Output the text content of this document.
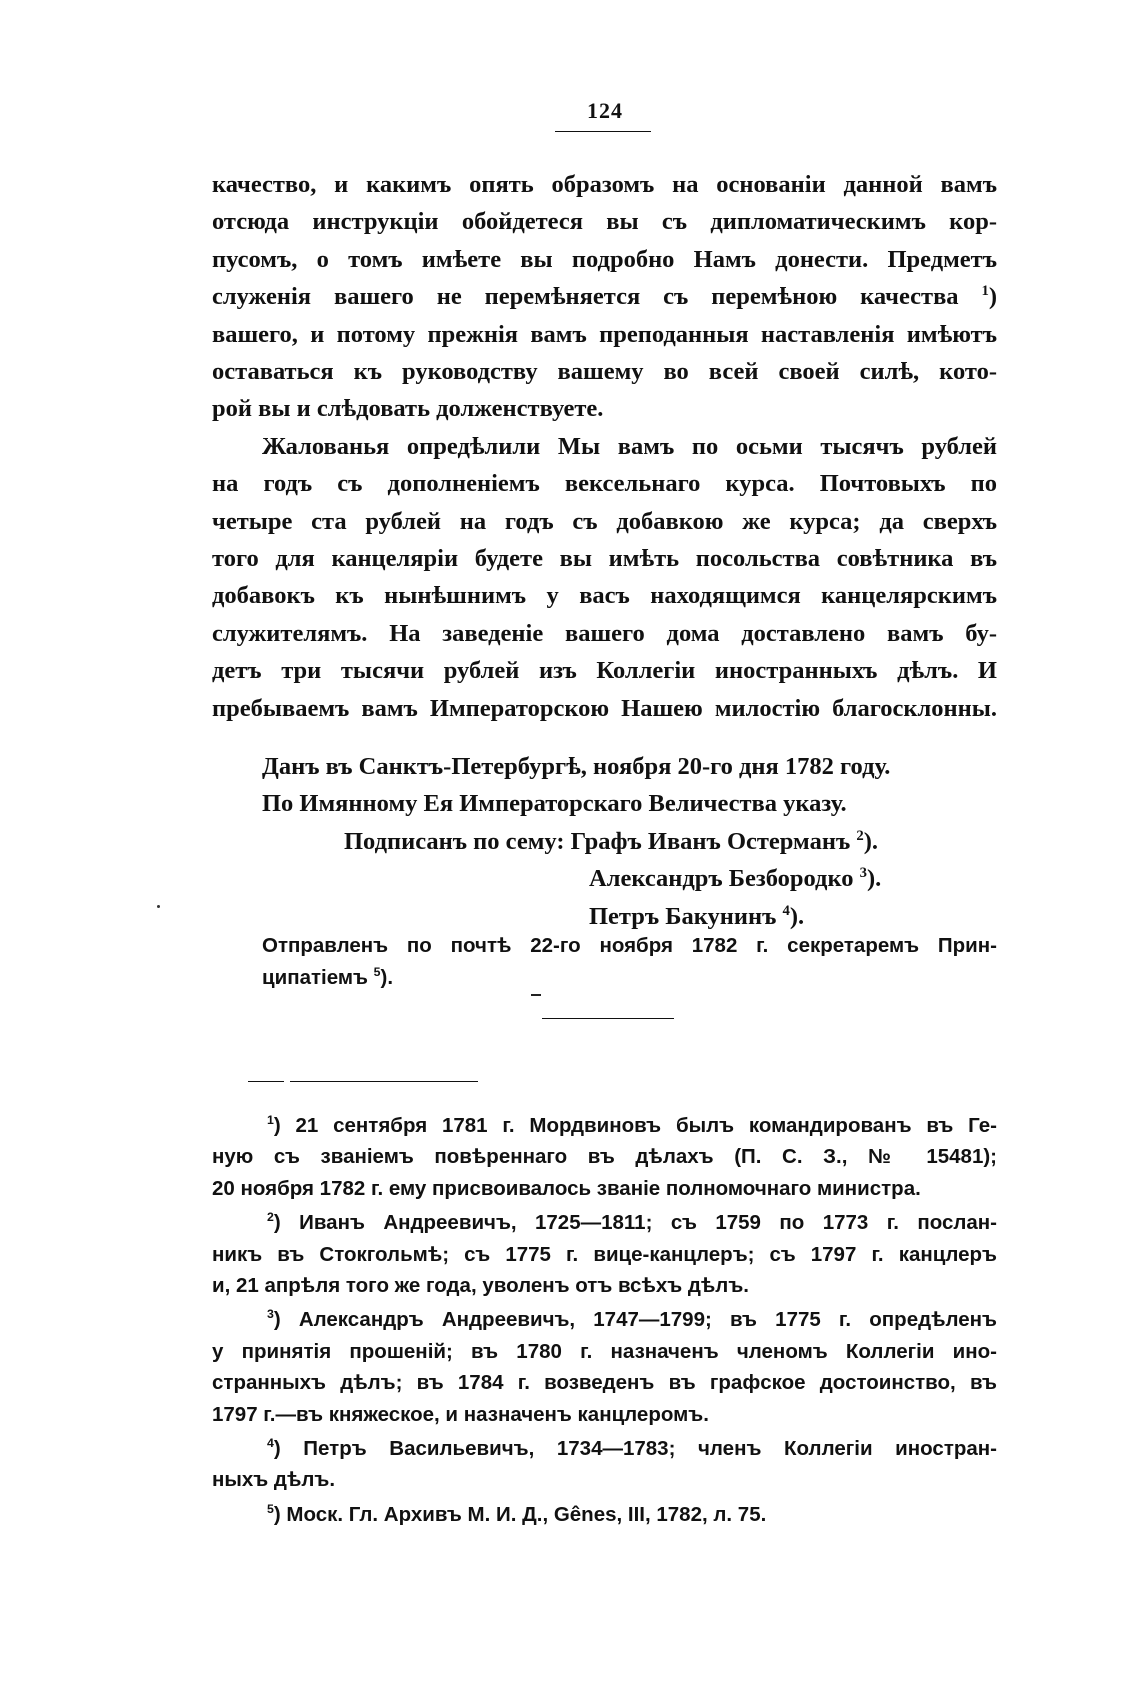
124
качество, и какимъ опять образомъ на основаніи данной вамъ
отсюда инструкціи обойдетеся вы съ дипломатическимъ кор-
пусомъ, о томъ имѣете вы подробно Намъ донести. Предметъ
служенія вашего не перемѣняется съ перемѣною качества $^1$)
вашего, и потому прежнія вамъ преподанныя наставленія имѣютъ
оставаться къ руководству вашему во всей своей силѣ, кото-
рой вы и слѣдовать долженствуете.
Жалованья опредѣлили Мы вамъ по осьми тысячъ рублей
на годъ съ дополненіемъ вексельнаго курса. Почтовыхъ по
четыре ста рублей на годъ съ добавкою же курса; да сверхъ
того для канцеляріи будете вы имѣть посольства совѣтника въ
добавокъ къ нынѣшнимъ у васъ находящимся канцелярскимъ
служителямъ. На заведеніе вашего дома доставлено вамъ бу-
детъ три тысячи рублей изъ Коллегіи иностранныхъ дѣлъ. И
пребываемъ вамъ Императорскою Нашею милостію благосклонны.
Данъ въ Санктъ-Петербургѣ, ноября 20-го дня 1782 году.
По Имянному Ея Императорскаго Величества указу.
Подписанъ по сему: Графъ Иванъ Остерманъ $^2$).
Александръ Безбородко $^3$).
Петръ Бакунинъ $^4$).
Отправленъ по почтѣ 22-го ноября 1782 г. секретаремъ Прин-
ципатіемъ $^5$).
$^1$) 21 сентября 1781 г. Мордвиновъ былъ командированъ въ Ге-
ную съ званіемъ повѣреннаго въ дѣлахъ (П. С. З., № 15481);
20 ноября 1782 г. ему присвоивалось званіе полномочнаго министра.
$^2$) Иванъ Андреевичъ, 1725—1811; съ 1759 по 1773 г. послан-
никъ въ Стокгольмѣ; съ 1775 г. вице-канцлеръ; съ 1797 г. канцлеръ
и, 21 апрѣля того же года, уволенъ отъ всѣхъ дѣлъ.
$^3$) Александръ Андреевичъ, 1747—1799; въ 1775 г. опредѣленъ
у принятія прошеній; въ 1780 г. назначенъ членомъ Коллегіи ино-
странныхъ дѣлъ; въ 1784 г. возведенъ въ графское достоинство, въ
1797 г.—въ княжеское, и назначенъ канцлеромъ.
$^4$) Петръ Васильевичъ, 1734—1783; членъ Коллегіи иностран-
ныхъ дѣлъ.
$^5$) Моск. Гл. Архивъ М. И. Д., Gênes, III, 1782, л. 75.
